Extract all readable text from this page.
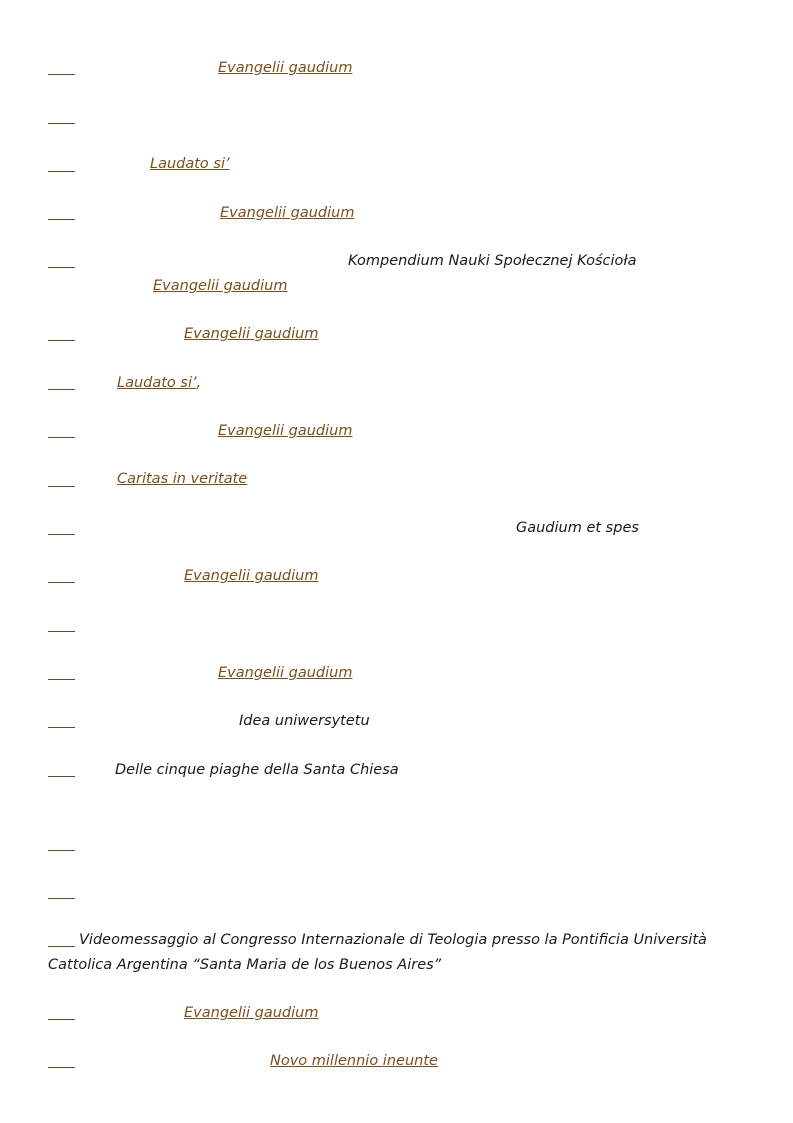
Evangelii gaudium
Laudato si’
Evangelii gaudium
Kompendium Nauki Społecznej Kościoła
Evangelii gaudium
Evangelii gaudium
Laudato si’,
Evangelii gaudium
Caritas in veritate
Gaudium et spes
Evangelii gaudium
Evangelii gaudium
Idea uniwersytetu
Delle cinque piaghe della Santa Chiesa
Videomessaggio al Congresso Internazionale di Teologia presso la Pontificia Università Cattolica Argentina “Santa Maria de los Buenos Aires”
Evangelii gaudium
Novo millennio ineunte
